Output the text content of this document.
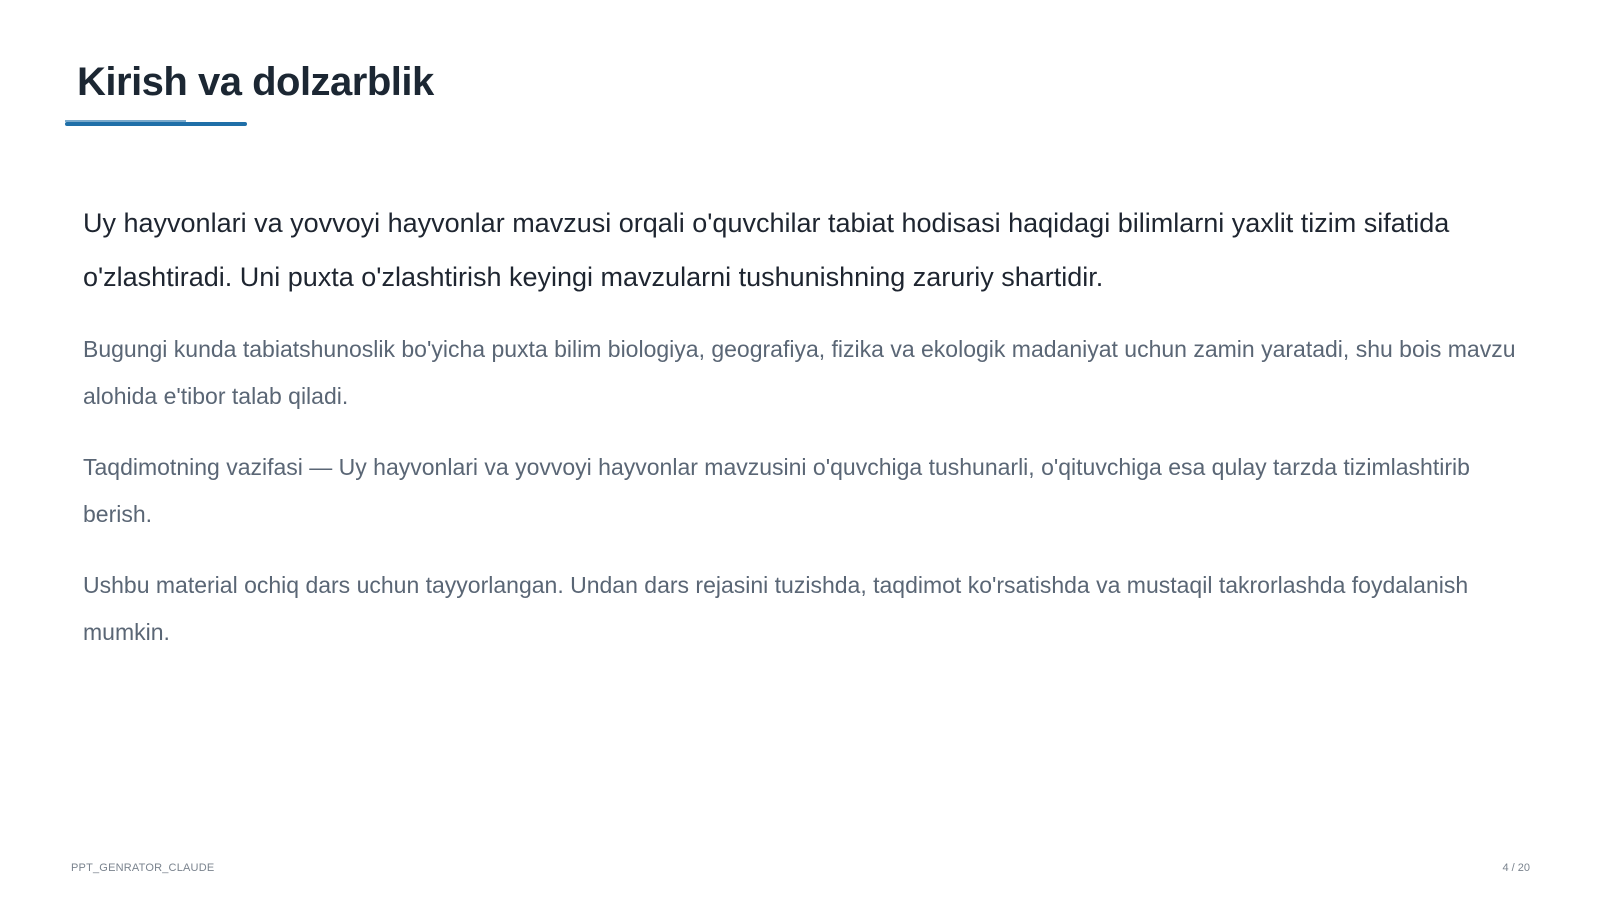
Kirish va dolzarblik

Uy hayvonlari va yovvoyi hayvonlar mavzusi orqali o'quvchilar tabiat hodisasi haqidagi bilimlarni yaxlit tizim sifatida o'zlashtiradi. Uni puxta o'zlashtirish keyingi mavzularni tushunishning zaruriy shartidir.

Bugungi kunda tabiatshunoslik bo'yicha puxta bilim biologiya, geografiya, fizika va ekologik madaniyat uchun zamin yaratadi, shu bois mavzu alohida e'tibor talab qiladi.

Taqdimotning vazifasi — Uy hayvonlari va yovvoyi hayvonlar mavzusini o'quvchiga tushunarli, o'qituvchiga esa qulay tarzda tizimlashtirib berish.

Ushbu material ochiq dars uchun tayyorlangan. Undan dars rejasini tuzishda, taqdimot ko'rsatishda va mustaqil takrorlashda foydalanish mumkin.

PPT_GENRATOR_CLAUDE	4 / 20
